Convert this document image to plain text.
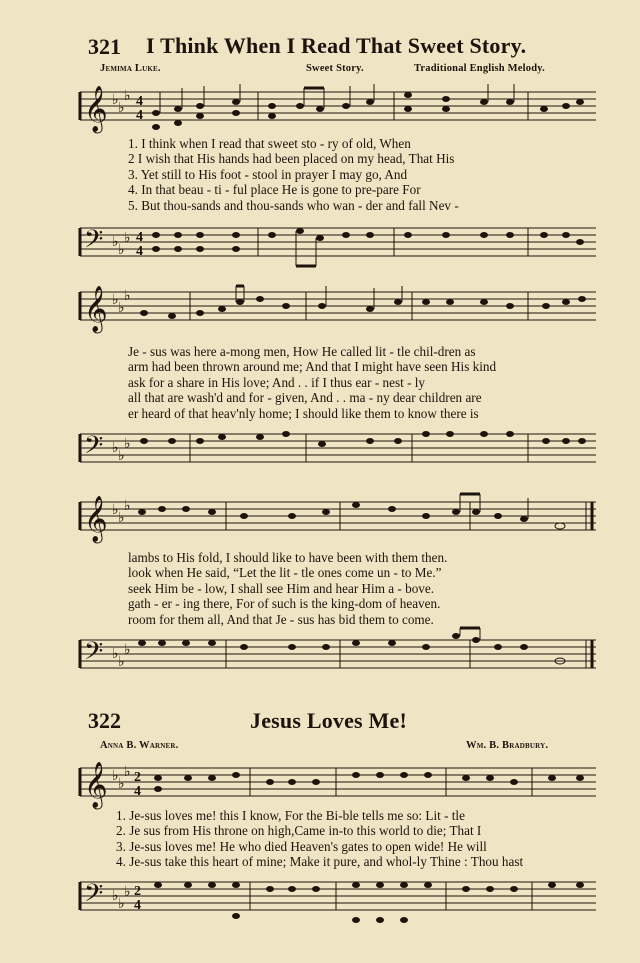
321 I Think When I Read That Sweet Story.
Jemima Luke.	Sweet Story.	Traditional English Melody.
𝄞 ♭
♭
♭ 4
4
1. I think when I read that sweet sto - ry of old, When
2 I wish that His hands had been placed on my head, That His
3. Yet still to His foot - stool in prayer I may go, And
4. In that beau - ti - ful place He is gone to pre-pare For
5. But thou-sands and thou-sands who wan - der and fall Nev -
𝄢 ♭
♭
♭ 4
4
𝄞 ♭
♭
♭
Je - sus was here a-mong men, How He called lit - tle chil-dren as
arm had been thrown around me; And that I might have seen His kind
ask for a share in His love; And . . if I thus ear - nest - ly
all that are wash'd and for - given, And . . ma - ny dear children are
er heard of that heav'nly home; I should like them to know there is
𝄢 ♭
♭
♭
𝄞 ♭
♭
♭
lambs to His fold, I should like to have been with them then.
look when He said, “Let the lit - tle ones come un - to Me.”
seek Him be - low, I shall see Him and hear Him a - bove.
gath - er - ing there, For of such is the king-dom of heaven.
room for them all, And that Je - sus has bid them to come.
𝄢 ♭
♭
♭
322	Jesus Loves Me!
Anna B. Warner.	Wm. B. Bradbury.
𝄞 ♭
♭
♭ 2
4
1. Je-sus loves me! this I know, For the Bi-ble tells me so: Lit - tle
2. Je sus from His throne on high,Came in-to this world to die; That I
3. Je-sus loves me! He who died Heaven's gates to open wide! He will
4. Je-sus take this heart of mine; Make it pure, and whol-ly Thine : Thou hast
𝄢 ♭
♭
♭ 2
4
